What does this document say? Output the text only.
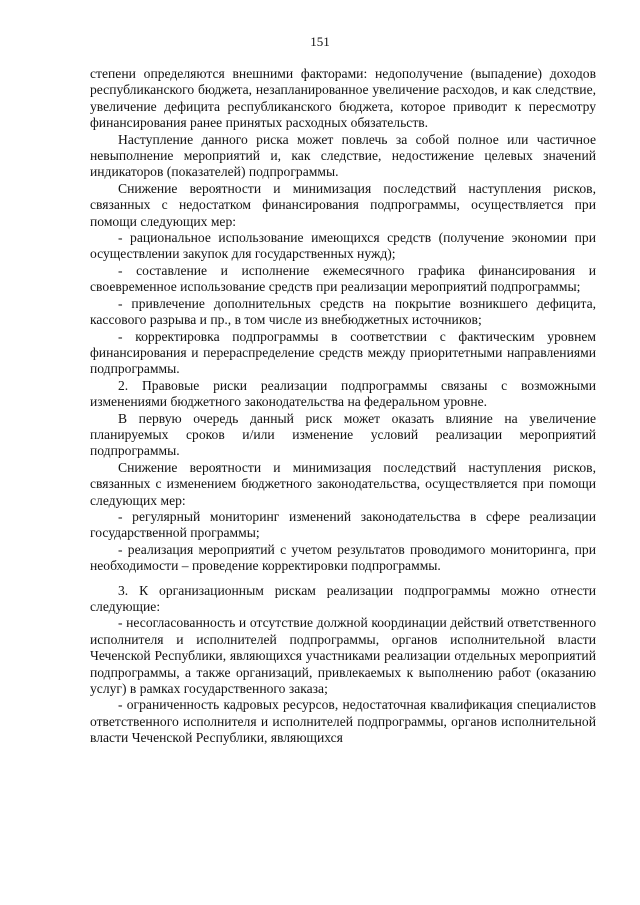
151

степени определяются внешними факторами: недополучение (выпадение) доходов республиканского бюджета, незапланированное увеличение расходов, и как следствие, увеличение дефицита республиканского бюджета, которое приводит к пересмотру финансирования ранее принятых расходных обязательств.

Наступление данного риска может повлечь за собой полное или частичное невыполнение мероприятий и, как следствие, недостижение целевых значений индикаторов (показателей) подпрограммы.

Снижение вероятности и минимизация последствий наступления рисков, связанных с недостатком финансирования подпрограммы, осуществляется при помощи следующих мер:

- рациональное использование имеющихся средств (получение экономии при осуществлении закупок для государственных нужд);

- составление и исполнение ежемесячного графика финансирования и своевременное использование средств при реализации мероприятий подпрограммы;

- привлечение дополнительных средств на покрытие возникшего дефицита, кассового разрыва и пр., в том числе из внебюджетных источников;

- корректировка подпрограммы в соответствии с фактическим уровнем финансирования и перераспределение средств между приоритетными направлениями подпрограммы.

2. Правовые риски реализации подпрограммы связаны с возможными изменениями бюджетного законодательства на федеральном уровне.

В первую очередь данный риск может оказать влияние на увеличение планируемых сроков и/или изменение условий реализации мероприятий подпрограммы.

Снижение вероятности и минимизация последствий наступления рисков, связанных с изменением бюджетного законодательства, осуществляется при помощи следующих мер:

- регулярный мониторинг изменений законодательства в сфере реализации государственной программы;

- реализация мероприятий с учетом результатов проводимого мониторинга, при необходимости – проведение корректировки подпрограммы.

3. К организационным рискам реализации подпрограммы можно отнести следующие:

- несогласованность и отсутствие должной координации действий ответственного исполнителя и исполнителей подпрограммы, органов исполнительной власти Чеченской Республики, являющихся участниками реализации отдельных мероприятий подпрограммы, а также организаций, привлекаемых к выполнению работ (оказанию услуг) в рамках государственного заказа;

- ограниченность кадровых ресурсов, недостаточная квалификация специалистов ответственного исполнителя и исполнителей подпрограммы, органов исполнительной власти Чеченской Республики, являющихся
